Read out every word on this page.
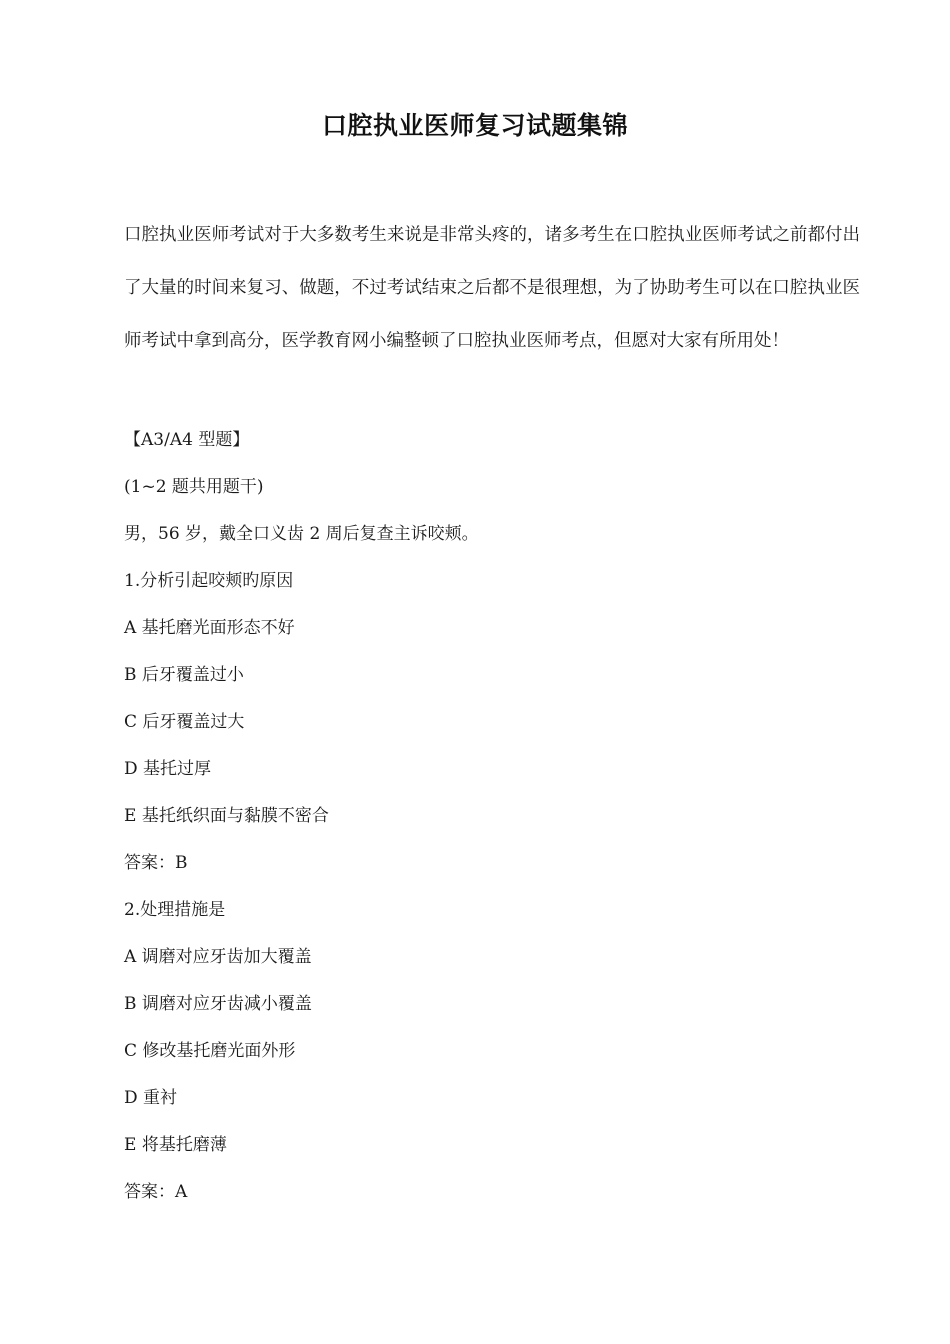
口腔执业医师复习试题集锦

口腔执业医师考试对于大多数考生来说是非常头疼的，诸多考生在口腔执业医师考试之前都付出了大量的时间来复习、做题，不过考试结束之后都不是很理想，为了协助考生可以在口腔执业医师考试中拿到高分，医学教育网小编整顿了口腔执业医师考点，但愿对大家有所用处！

【A3/A4 型题】
(1~2 题共用题干)
男，56 岁，戴全口义齿 2 周后复查主诉咬颊。
1.分析引起咬颊旳原因
A 基托磨光面形态不好
B 后牙覆盖过小
C 后牙覆盖过大
D 基托过厚
E 基托纸织面与黏膜不密合
答案：B
2.处理措施是
A 调磨对应牙齿加大覆盖
B 调磨对应牙齿减小覆盖
C 修改基托磨光面外形
D 重衬
E 将基托磨薄
答案：A
